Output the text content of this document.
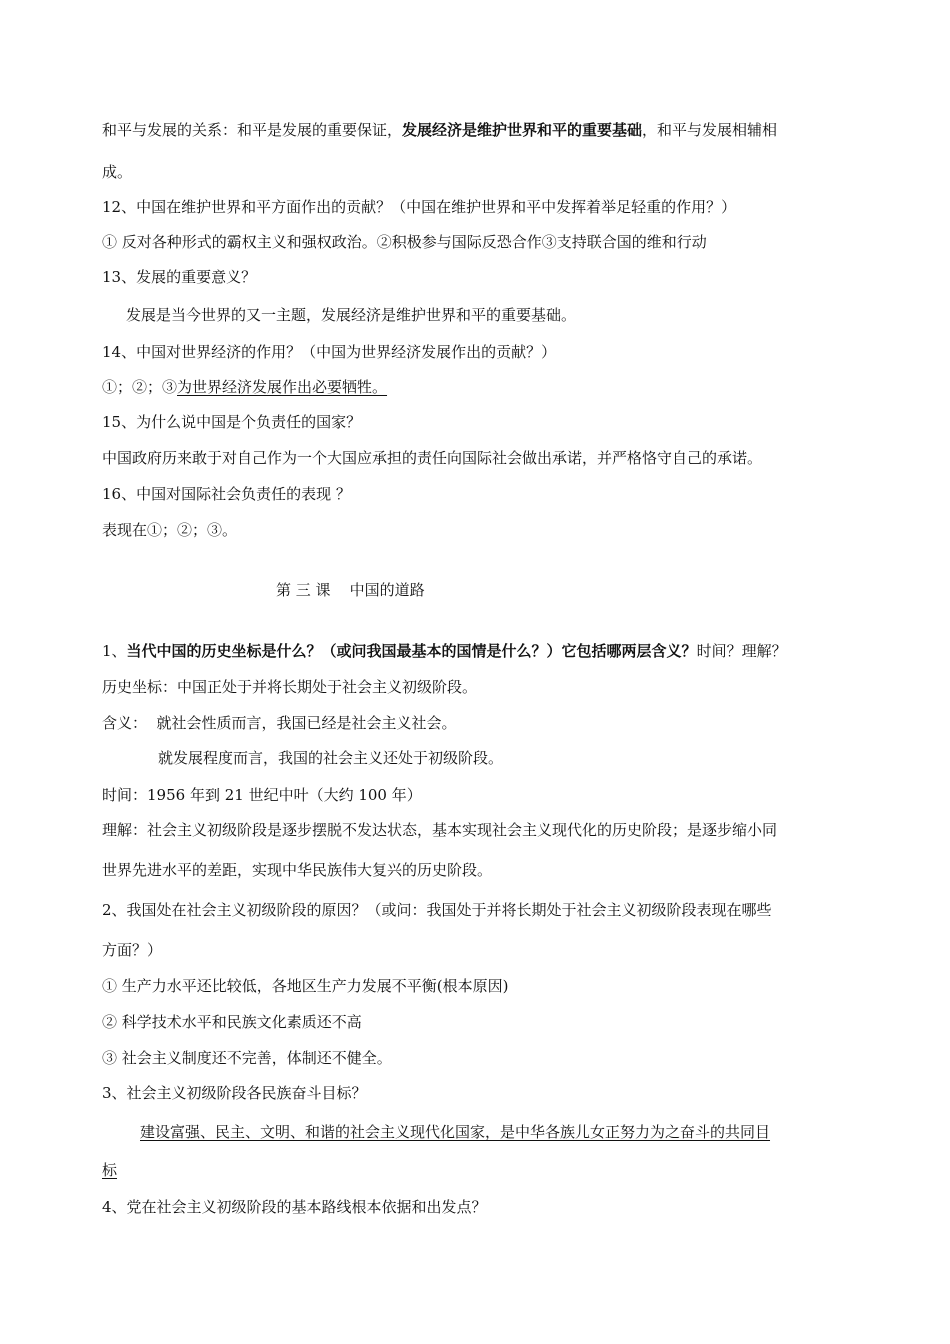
和平与发展的关系：和平是发展的重要保证，发展经济是维护世界和平的重要基础，和平与发展相辅相
成。
12、中国在维护世界和平方面作出的贡献？（中国在维护世界和平中发挥着举足轻重的作用？）
① 反对各种形式的霸权主义和强权政治。②积极参与国际反恐合作③支持联合国的维和行动
13、发展的重要意义？
发展是当今世界的又一主题，发展经济是维护世界和平的重要基础。
14、中国对世界经济的作用？（中国为世界经济发展作出的贡献？）
①；②；③为世界经济发展作出必要牺牲。
15、为什么说中国是个负责任的国家？
中国政府历来敢于对自己作为一个大国应承担的责任向国际社会做出承诺，并严格恪守自己的承诺。
16、中国对国际社会负责任的表现 ？
表现在①；②；③。
第 三 课    中国的道路
1、当代中国的历史坐标是什么？（或问我国最基本的国情是什么？）它包括哪两层含义？时间？理解？
历史坐标：中国正处于并将长期处于社会主义初级阶段。
含义：  就社会性质而言，我国已经是社会主义社会。
就发展程度而言，我国的社会主义还处于初级阶段。
时间：1956 年到 21 世纪中叶（大约 100 年）
理解：社会主义初级阶段是逐步摆脱不发达状态，基本实现社会主义现代化的历史阶段；是逐步缩小同
世界先进水平的差距，实现中华民族伟大复兴的历史阶段。
2、我国处在社会主义初级阶段的原因？（或问：我国处于并将长期处于社会主义初级阶段表现在哪些
方面？）
① 生产力水平还比较低，各地区生产力发展不平衡(根本原因)
② 科学技术水平和民族文化素质还不高
③ 社会主义制度还不完善，体制还不健全。
3、社会主义初级阶段各民族奋斗目标？
建设富强、民主、文明、和谐的社会主义现代化国家，是中华各族儿女正努力为之奋斗的共同目
标
4、党在社会主义初级阶段的基本路线根本依据和出发点？
